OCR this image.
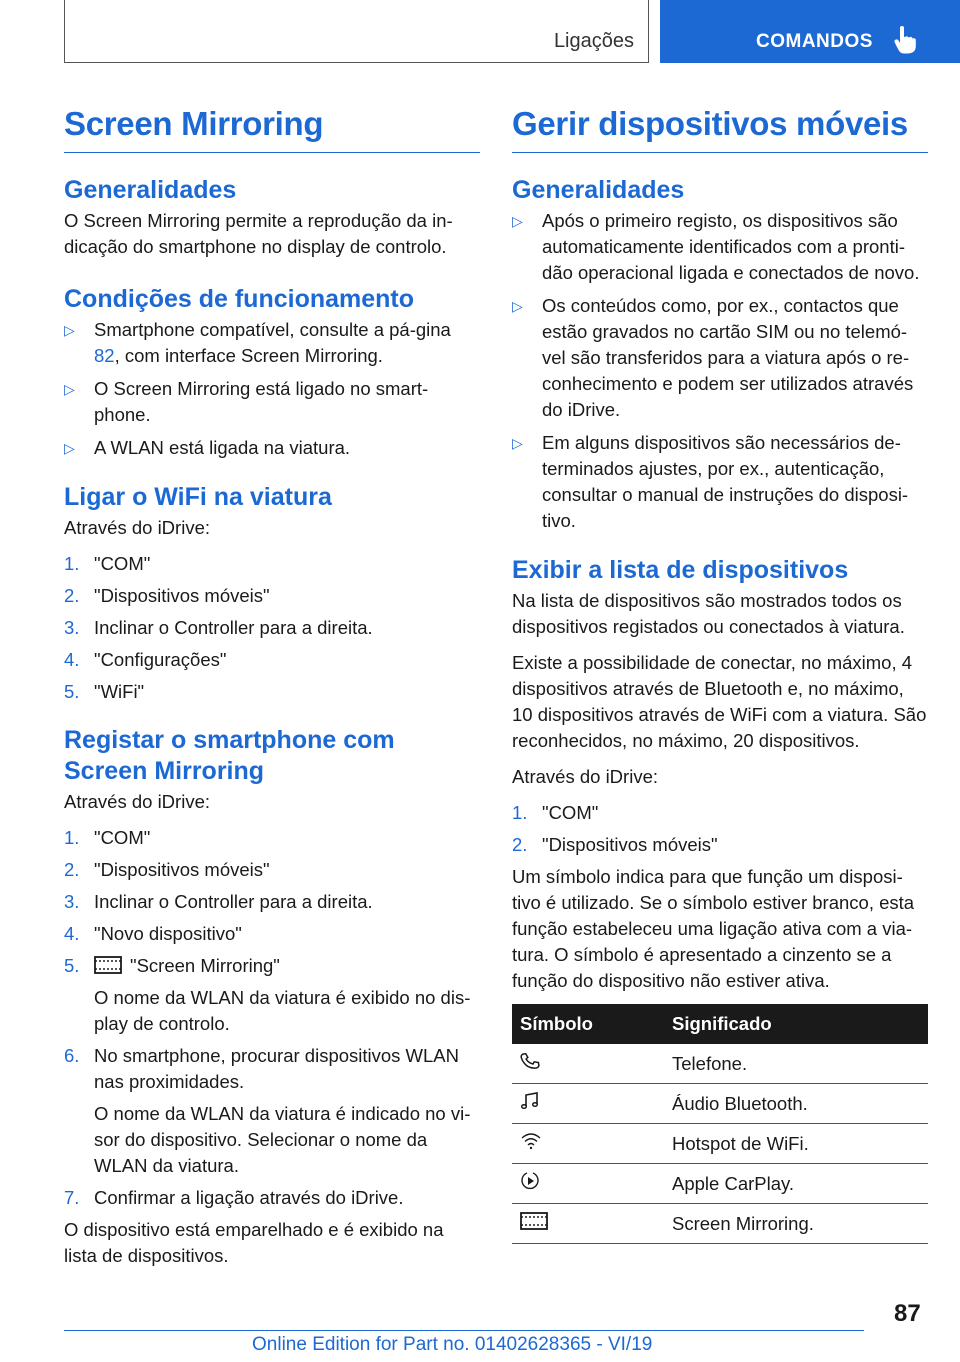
Ligações	COMANDOS
Screen Mirroring
Generalidades

O Screen Mirroring permite a reprodução da in-dicação do smartphone no display de controlo.

Condições de funcionamento
▷ Smartphone compatível, consulte a pá-gina 82, com interface Screen Mirroring.
▷ O Screen Mirroring está ligado no smart-phone.
▷ A WLAN está ligada na viatura.
Ligar o WiFi na viatura

Através do iDrive:

1. "COM"
2. "Dispositivos móveis"
3. Inclinar o Controller para a direita.
4. "Configurações"
5. "WiFi"
Registar o smartphone com
Screen Mirroring

Através do iDrive:

1. "COM"
2. "Dispositivos móveis"
3. Inclinar o Controller para a direita.
4. "Novo dispositivo"
5.	"Screen Mirroring"
O nome da WLAN da viatura é exibido no dis-play de controlo.
6. No smartphone, procurar dispositivos WLAN nas proximidades.
O nome da WLAN da viatura é indicado no vi-sor do dispositivo. Selecionar o nome da WLAN da viatura.
7. Confirmar a ligação através do iDrive.

O dispositivo está emparelhado e é exibido na lista de dispositivos.

Gerir dispositivos móveis
Generalidades
▷ Após o primeiro registo, os dispositivos são automaticamente identificados com a pronti-dão operacional ligada e conectados de novo.
▷ Os conteúdos como, por ex., contactos que estão gravados no cartão SIM ou no telemó-vel são transferidos para a viatura após o re-conhecimento e podem ser utilizados através do iDrive.
▷ Em alguns dispositivos são necessários de-terminados ajustes, por ex., autenticação, consultar o manual de instruções do disposi-tivo.
Exibir a lista de dispositivos

Na lista de dispositivos são mostrados todos os dispositivos registados ou conectados à viatura.

Existe a possibilidade de conectar, no máximo, 4 dispositivos através de Bluetooth e, no máximo, 10 dispositivos através de WiFi com a viatura. São reconhecidos, no máximo, 20 dispositivos.

Através do iDrive:

1. "COM"
2. "Dispositivos móveis"

Um símbolo indica para que função um disposi-tivo é utilizado. Se o símbolo estiver branco, esta função estabeleceu uma ligação ativa com a via-tura. O símbolo é apresentado a cinzento se a função do dispositivo não estiver ativa.

Símbolo	Significado
	Telefone.
	Áudio Bluetooth.
	Hotspot de WiFi.
	Apple CarPlay.
	Screen Mirroring.
87
Online Edition for Part no. 01402628365 - VI/19
